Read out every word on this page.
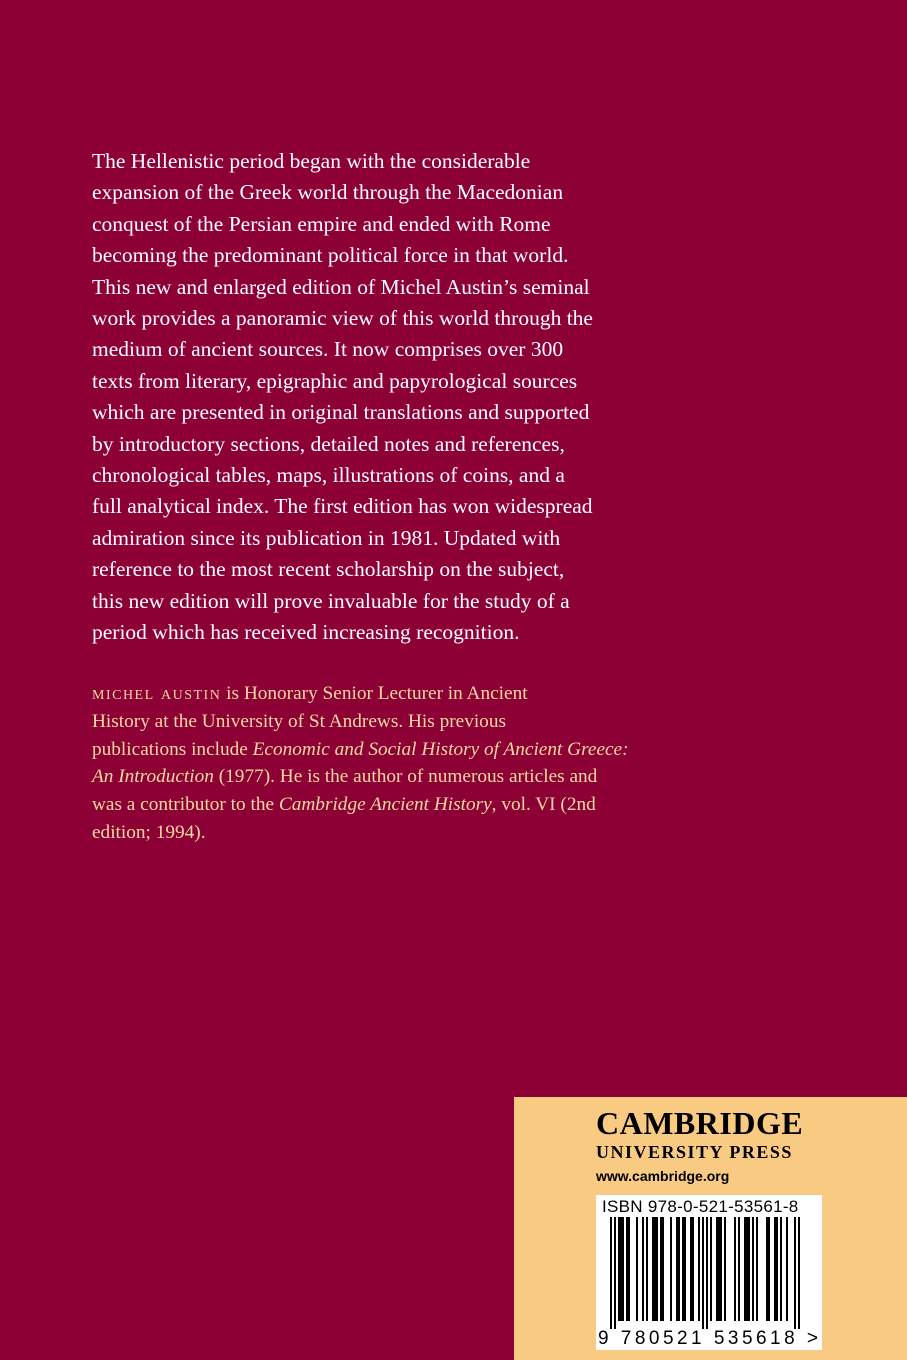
The Hellenistic period began with the considerable
expansion of the Greek world through the Macedonian
conquest of the Persian empire and ended with Rome
becoming the predominant political force in that world.
This new and enlarged edition of Michel Austin’s seminal
work provides a panoramic view of this world through the
medium of ancient sources. It now comprises over 300
texts from literary, epigraphic and papyrological sources
which are presented in original translations and supported
by introductory sections, detailed notes and references,
chronological tables, maps, illustrations of coins, and a
full analytical index. The first edition has won widespread
admiration since its publication in 1981. Updated with
reference to the most recent scholarship on the subject,
this new edition will prove invaluable for the study of a
period which has received increasing recognition.
michel austin is Honorary Senior Lecturer in Ancient
History at the University of St Andrews. His previous
publications include Economic and Social History of Ancient Greece:
An Introduction (1977). He is the author of numerous articles and
was a contributor to the Cambridge Ancient History, vol. VI (2nd
edition; 1994).
CAMBRIDGE
UNIVERSITY PRESS
www.cambridge.org
ISBN 978-0-521-53561-8
9 780521 535618 >
